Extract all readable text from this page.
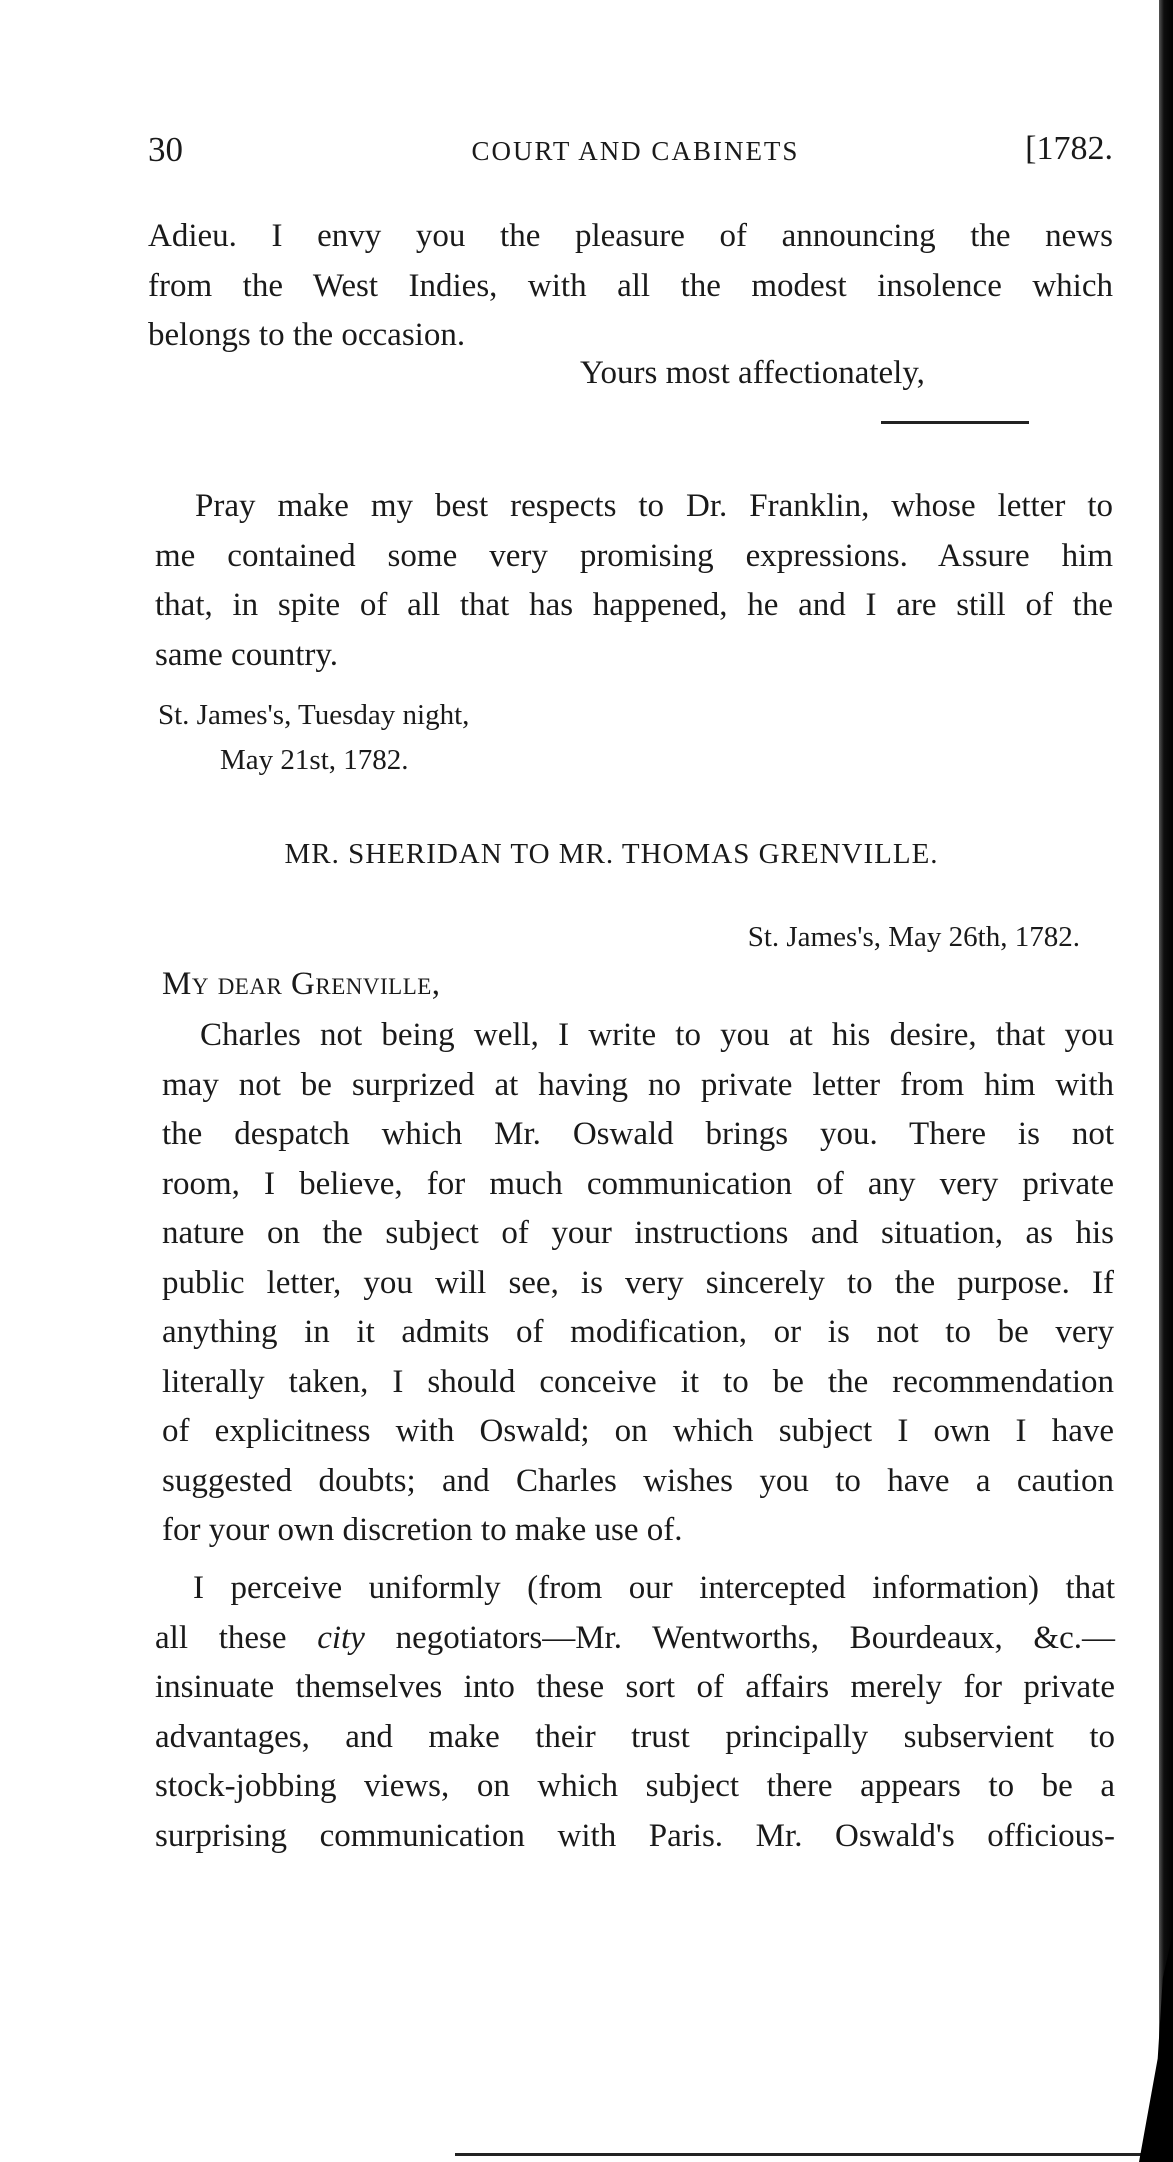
30	COURT AND CABINETS	[1782.

Adieu. I envy you the pleasure of announcing the news
from the West Indies, with all the modest insolence which
belongs to the occasion.

Yours most affectionately,

Pray make my best respects to Dr. Franklin, whose letter to
me contained some very promising expressions. Assure him
that, in spite of all that has happened, he and I are still of the
same country.

St. James's, Tuesday night,
May 21st, 1782.
MR. SHERIDAN TO MR. THOMAS GRENVILLE.
St. James's, May 26th, 1782.
My dear Grenville,

Charles not being well, I write to you at his desire, that you
may not be surprized at having no private letter from him with
the despatch which Mr. Oswald brings you. There is not
room, I believe, for much communication of any very private
nature on the subject of your instructions and situation, as his
public letter, you will see, is very sincerely to the purpose. If
anything in it admits of modification, or is not to be very
literally taken, I should conceive it to be the recommendation
of explicitness with Oswald; on which subject I own I have
suggested doubts; and Charles wishes you to have a caution
for your own discretion to make use of.

I perceive uniformly (from our intercepted information) that
all these city negotiators—Mr. Wentworths, Bourdeaux, &c.—
insinuate themselves into these sort of affairs merely for private
advantages, and make their trust principally subservient to
stock-jobbing views, on which subject there appears to be a
surprising communication with Paris. Mr. Oswald's officious-
